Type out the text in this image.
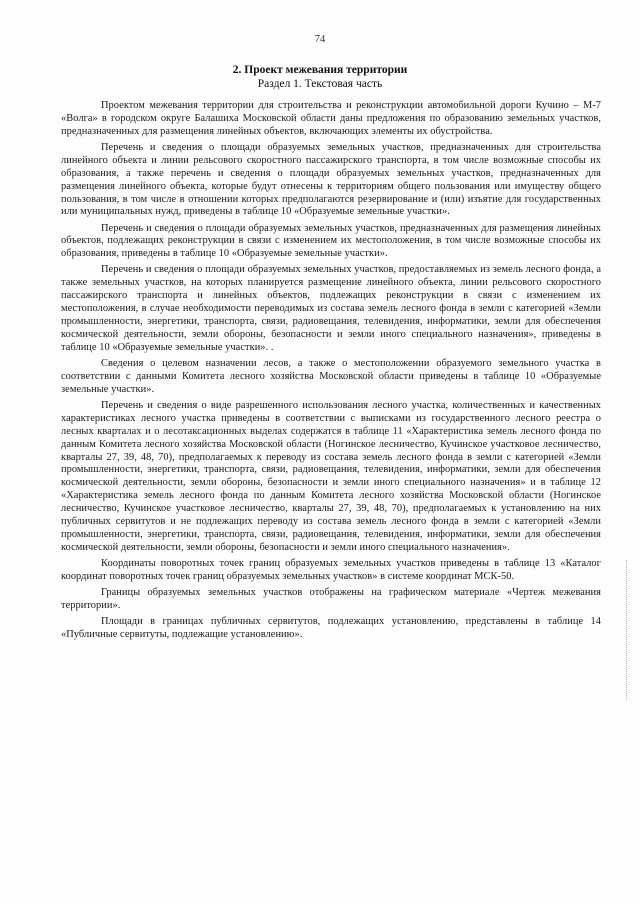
74
2. Проект межевания территории
Раздел 1. Текстовая часть

Проектом межевания территории для строительства и реконструкции автомобильной дороги Кучино – М-7 «Волга» в городском округе Балашиха Московской области даны предложения по образованию земельных участков, предназначенных для размещения линейных объектов, включающих элементы их обустройства.

Перечень и сведения о площади образуемых земельных участков, предназначенных для строительства линейного объекта и линии рельсового скоростного пассажирского транспорта, в том числе возможные способы их образования, а также перечень и сведения о площади образуемых земельных участков, предназначенных для размещения линейного объекта, которые будут отнесены к территориям общего пользования или имуществу общего пользования, в том числе в отношении которых предполагаются резервирование и (или) изъятие для государственных или муниципальных нужд, приведены в таблице 10 «Образуемые земельные участки».

Перечень и сведения о площади образуемых земельных участков, предназначенных для размещения линейных объектов, подлежащих реконструкции в связи с изменением их местоположения, в том числе возможные способы их образования, приведены в таблице 10 «Образуемые земельные участки».

Перечень и сведения о площади образуемых земельных участков, предоставляемых из земель лесного фонда, а также земельных участков, на которых планируется размещение линейного объекта, линии рельсового скоростного пассажирского транспорта и линейных объектов, подлежащих реконструкции в связи с изменением их местоположения, в случае необходимости переводимых из состава земель лесного фонда в земли с категорией «Земли промышленности, энергетики, транспорта, связи, радиовещания, телевидения, информатики, земли для обеспечения космической деятельности, земли обороны, безопасности и земли иного специального назначения», приведены в таблице 10 «Образуемые земельные участки». .

Сведения о целевом назначении лесов, а также о местоположении образуемого земельного участка в соответствии с данными Комитета лесного хозяйства Московской области приведены в таблице 10 «Образуемые земельные участки».

Перечень и сведения о виде разрешенного использования лесного участка, количественных и качественных характеристиках лесного участка приведены в соответствии с выписками из государственного лесного реестра о лесных кварталах и о лесотаксационных выделах содержатся в таблице 11 «Характеристика земель лесного фонда по данным Комитета лесного хозяйства Московской области (Ногинское лесничество, Кучинское участковое лесничество, кварталы 27, 39, 48, 70), предполагаемых к переводу из состава земель лесного фонда в земли с категорией «Земли промышленности, энергетики, транспорта, связи, радиовещания, телевидения, информатики, земли для обеспечения космической деятельности, земли обороны, безопасности и земли иного специального назначения» и в таблице 12 «Характеристика земель лесного фонда по данным Комитета лесного хозяйства Московской области (Ногинское лесничество, Кучинское участковое лесничество, кварталы 27, 39, 48, 70), предполагаемых к установлению на них публичных сервитутов и не подлежащих переводу из состава земель лесного фонда в земли с категорией «Земли промышленности, энергетики, транспорта, связи, радиовещания, телевидения, информатики, земли для обеспечения космической деятельности, земли обороны, безопасности и земли иного специального назначения».

Координаты поворотных точек границ образуемых земельных участков приведены в таблице 13 «Каталог координат поворотных точек границ образуемых земельных участков» в системе координат МСК-50.

Границы образуемых земельных участков отображены на графическом материале «Чертеж межевания территории».

Площади в границах публичных сервитутов, подлежащих установлению, представлены в таблице 14 «Публичные сервитуты, подлежащие установлению».
